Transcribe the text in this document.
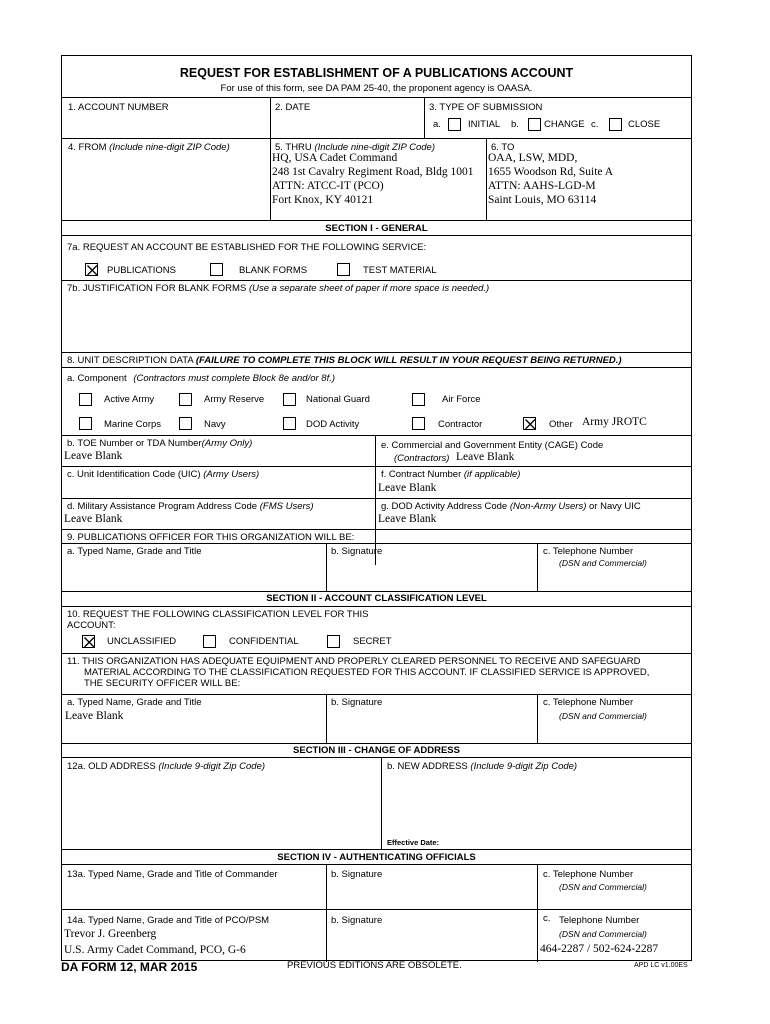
REQUEST FOR ESTABLISHMENT OF A PUBLICATIONS ACCOUNT
For use of this form, see DA PAM 25-40, the proponent agency is OAASA.
1. ACCOUNT NUMBER	2. DATE	3. TYPE OF SUBMISSION
a.	INITIAL b.	CHANGE c.	CLOSE
4. FROM (Include nine-digit ZIP Code)	5. THRU (Include nine-digit ZIP Code)
HQ, USA Cadet Command
248 1st Cavalry Regiment Road, Bldg 1001
ATTN: ATCC-IT (PCO)
Fort Knox, KY 40121
6. TO
OAA, LSW, MDD,
1655 Woodson Rd, Suite A
ATTN: AAHS-LGD-M
Saint Louis, MO 63114
SECTION I - GENERAL
7a. REQUEST AN ACCOUNT BE ESTABLISHED FOR THE FOLLOWING SERVICE:
PUBLICATIONS	BLANK FORMS	TEST MATERIAL
7b. JUSTIFICATION FOR BLANK FORMS (Use a separate sheet of paper if more space is needed.)
8. UNIT DESCRIPTION DATA (FAILURE TO COMPLETE THIS BLOCK WILL RESULT IN YOUR REQUEST BEING RETURNED.)
a. Component (Contractors must complete Block 8e and/or 8f.)
Active Army	Army Reserve	National Guard	Air Force
Marine Corps	Navy	DOD Activity	Contractor	Other Army JROTC
b. TOE Number or TDA Number(Army Only)
Leave Blank
e. Commercial and Government Entity (CAGE) Code
(Contractors) Leave Blank
c. Unit Identification Code (UIC) (Army Users)	f. Contract Number (if applicable)
Leave Blank
d. Military Assistance Program Address Code (FMS Users)
Leave Blank
g. DOD Activity Address Code (Non-Army Users) or Navy UIC
Leave Blank
9. PUBLICATIONS OFFICER FOR THIS ORGANIZATION WILL BE:
a. Typed Name, Grade and Title	b. Signature	c. Telephone Number
(DSN and Commercial)
SECTION II - ACCOUNT CLASSIFICATION LEVEL
10. REQUEST THE FOLLOWING CLASSIFICATION LEVEL FOR THIS
ACCOUNT:
UNCLASSIFIED	CONFIDENTIAL	SECRET
11. THIS ORGANIZATION HAS ADEQUATE EQUIPMENT AND PROPERLY CLEARED PERSONNEL TO RECEIVE AND SAFEGUARD
MATERIAL ACCORDING TO THE CLASSIFICATION REQUESTED FOR THIS ACCOUNT. IF CLASSIFIED SERVICE IS APPROVED,
THE SECURITY OFFICER WILL BE:
a. Typed Name, Grade and Title
Leave Blank
b. Signature	c. Telephone Number
(DSN and Commercial)
SECTION III - CHANGE OF ADDRESS
12a. OLD ADDRESS (Include 9-digit Zip Code)	b. NEW ADDRESS (Include 9-digit Zip Code)
Effective Date:
SECTION IV - AUTHENTICATING OFFICIALS
13a. Typed Name, Grade and Title of Commander	b. Signature	c. Telephone Number
(DSN and Commercial)
14a. Typed Name, Grade and Title of PCO/PSM
Trevor J. Greenberg
U.S. Army Cadet Command, PCO, G-6
b. Signature	c. Telephone Number
(DSN and Commercial)
464-2287 / 502-624-2287
DA FORM 12, MAR 2015	PREVIOUS EDITIONS ARE OBSOLETE.	APD LC v1.00ES
